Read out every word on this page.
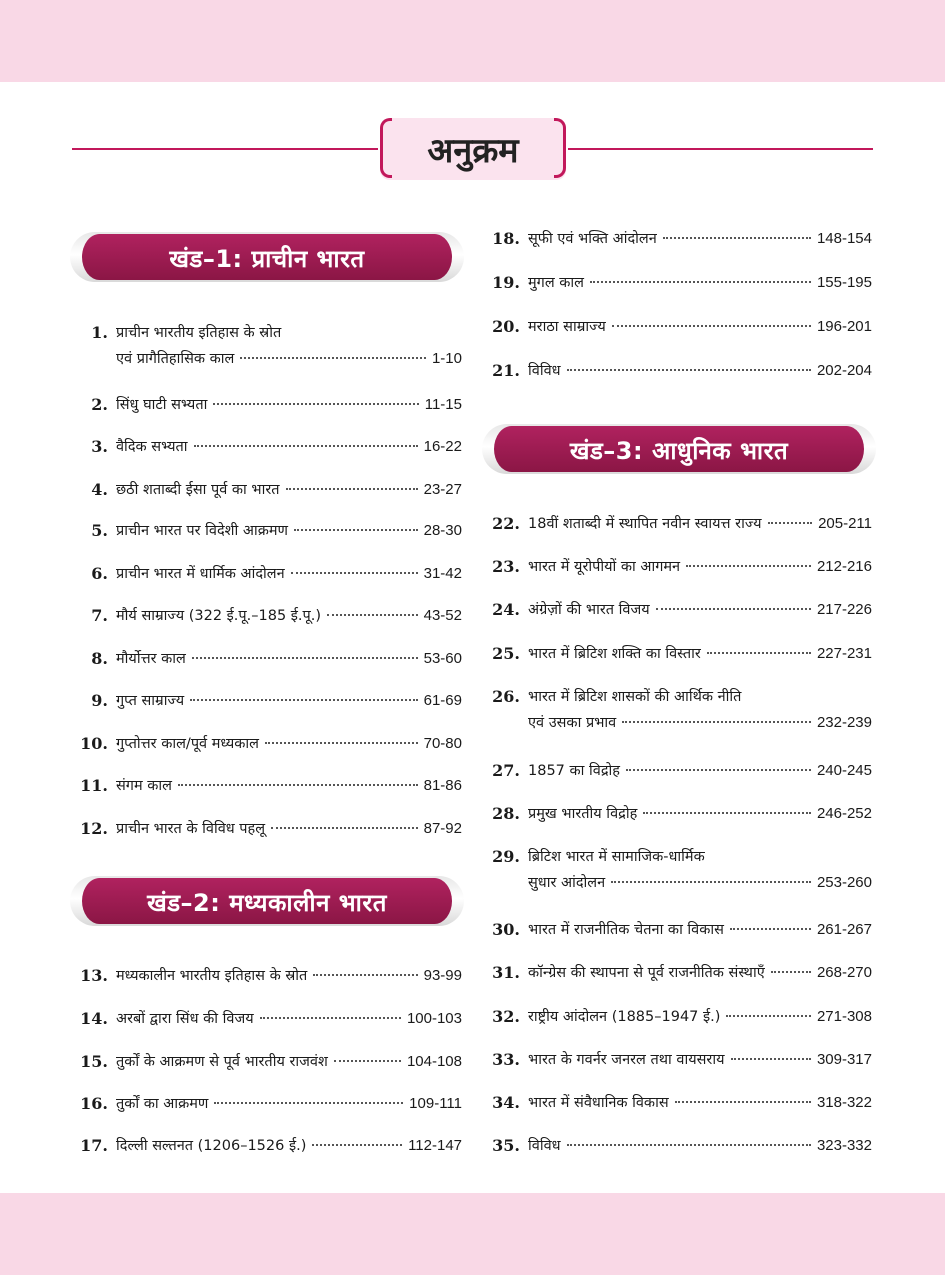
अनुक्रम
खंड–1: प्राचीन भारत
खंड–2: मध्यकालीन भारत
खंड–3: आधुनिक भारत
1. प्राचीन भारतीय इतिहास के स्रोत
एवं प्रागैतिहासिक काल	1-10
2. सिंधु घाटी सभ्यता	11-15
3. वैदिक सभ्यता	16-22
4. छठी शताब्दी ईसा पूर्व का भारत	23-27
5. प्राचीन भारत पर विदेशी आक्रमण	28-30
6. प्राचीन भारत में धार्मिक आंदोलन	31-42
7. मौर्य साम्राज्य (322 ई.पू.–185 ई.पू.)	43-52
8. मौर्योत्तर काल	53-60
9. गुप्त साम्राज्य	61-69
10. गुप्तोत्तर काल/पूर्व मध्यकाल	70-80
11. संगम काल	81-86
12. प्राचीन भारत के विविध पहलू	87-92
13. मध्यकालीन भारतीय इतिहास के स्रोत	93-99
14. अरबों द्वारा सिंध की विजय	100-103
15. तुर्कों के आक्रमण से पूर्व भारतीय राजवंश	104-108
16. तुर्कों का आक्रमण	109-111
17. दिल्ली सल्तनत (1206–1526 ई.)	112-147
18. सूफी एवं भक्ति आंदोलन	148-154
19. मुगल काल	155-195
20. मराठा साम्राज्य	196-201
21. विविध	202-204
22. 18वीं शताब्दी में स्थापित नवीन स्वायत्त राज्य	205-211
23. भारत में यूरोपीयों का आगमन	212-216
24. अंग्रेज़ों की भारत विजय	217-226
25. भारत में ब्रिटिश शक्ति का विस्तार	227-231
26. भारत में ब्रिटिश शासकों की आर्थिक नीति
एवं उसका प्रभाव	232-239
27. 1857 का विद्रोह	240-245
28. प्रमुख भारतीय विद्रोह	246-252
29. ब्रिटिश भारत में सामाजिक-धार्मिक
सुधार आंदोलन	253-260
30. भारत में राजनीतिक चेतना का विकास	261-267
31. कॉन्ग्रेस की स्थापना से पूर्व राजनीतिक संस्थाएँ	268-270
32. राष्ट्रीय आंदोलन (1885–1947 ई.)	271-308
33. भारत के गवर्नर जनरल तथा वायसराय	309-317
34. भारत में संवैधानिक विकास	318-322
35. विविध	323-332
